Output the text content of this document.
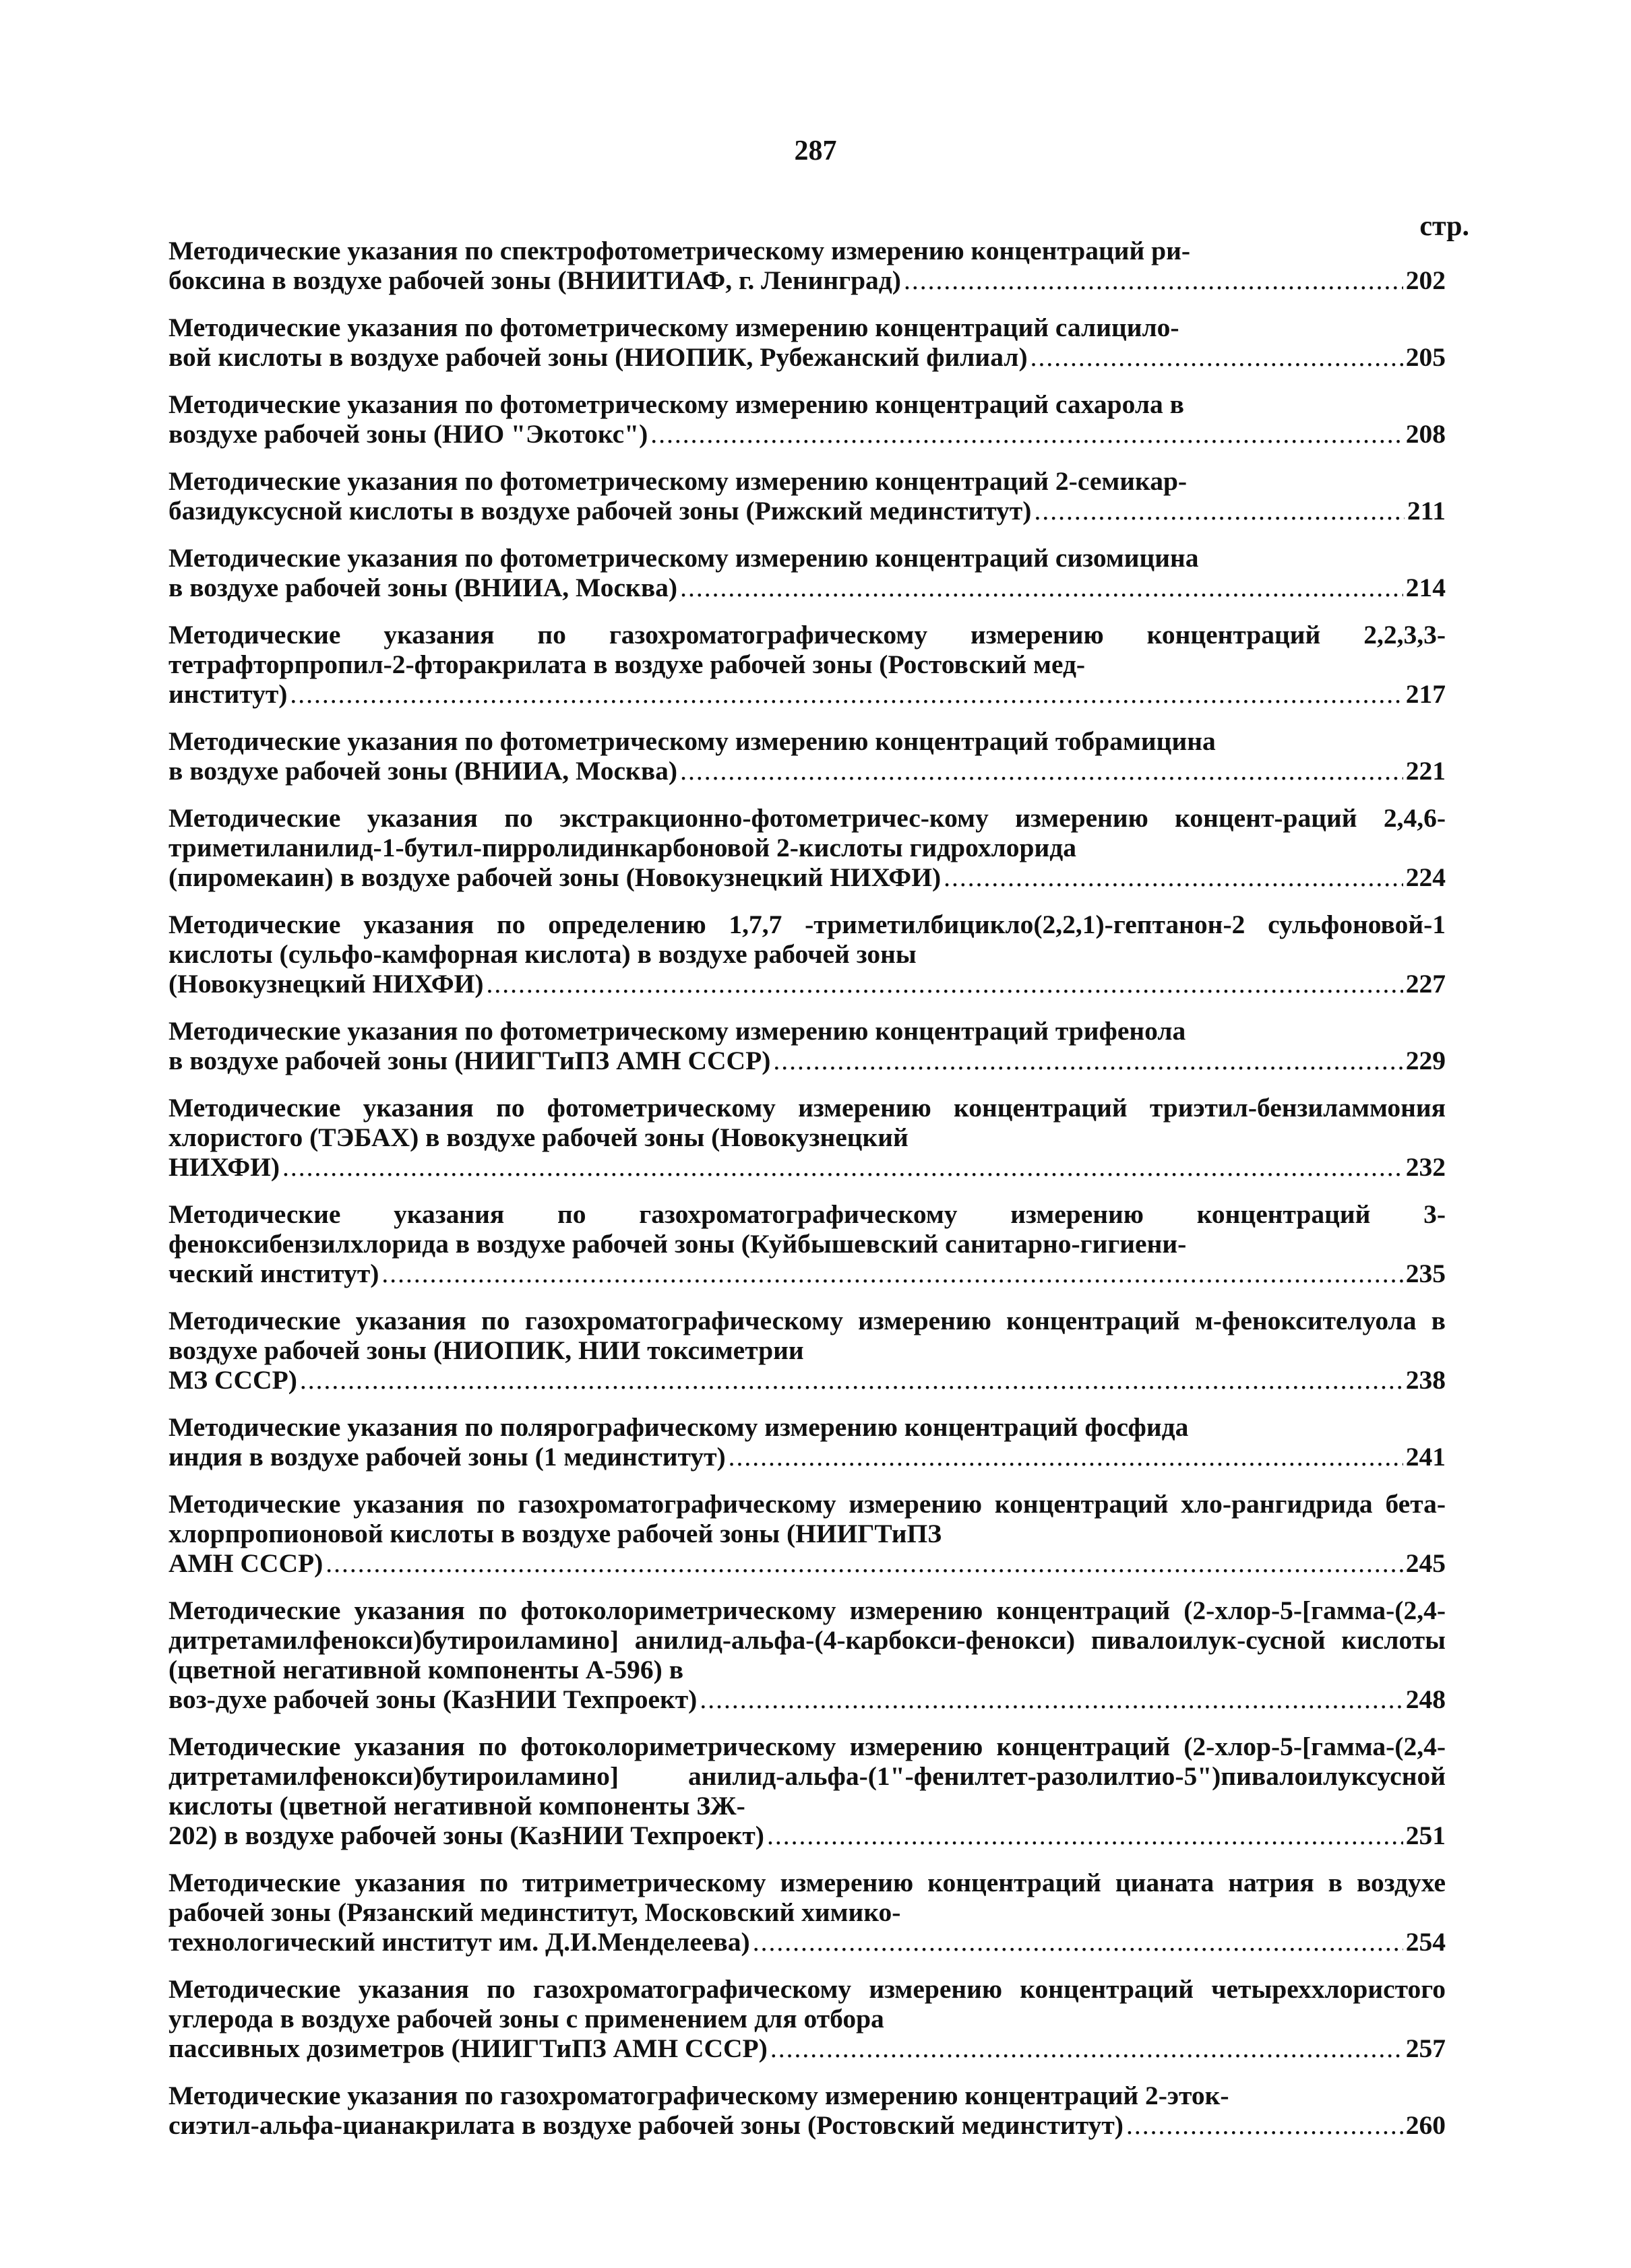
287
стр.
Методические указания по спектрофотометрическому измерению концентраций ри-
боксина в воздухе рабочей зоны (ВНИИТИАФ, г. Ленинград) .....	202
Методические указания по фотометрическому измерению концентраций салицило-
вой кислоты в воздухе рабочей зоны (НИОПИК, Рубежанский филиал) .....	205
Методические указания по фотометрическому измерению концентраций сахарола в
воздухе рабочей зоны (НИО "Экотокс") .....	208
Методические указания по фотометрическому измерению концентраций 2-семикар-
базидуксусной кислоты в воздухе рабочей зоны (Рижский мединститут) .....	211
Методические указания по фотометрическому измерению концентраций сизомицина
в воздухе рабочей зоны (ВНИИА, Москва) .....	214
Методические указания по газохроматографическому измерению концентраций 2,2,3,3-тетрафторпропил-2-фторакрилата в воздухе рабочей зоны (Ростовский мед-
институт) .....	217
Методические указания по фотометрическому измерению концентраций тобрамицина
в воздухе рабочей зоны (ВНИИА, Москва) .....	221
Методические указания по экстракционно-фотометричес-кому измерению концент-раций 2,4,6-триметиланилид-1-бутил-пирролидинкарбоновой 2-кислоты гидрохлорида
(пиромекаин) в воздухе рабочей зоны (Новокузнецкий НИХФИ) .....	224
Методические указания по определению 1,7,7 -триметилбицикло(2,2,1)-гептанон-2 сульфоновой-1 кислоты (сульфо-камфорная кислота) в воздухе рабочей зоны
(Новокузнецкий НИХФИ) .....	227
Методические указания по фотометрическому измерению концентраций трифенола
в воздухе рабочей зоны (НИИГТиПЗ АМН СССР) .....	229
Методические указания по фотометрическому измерению концентраций триэтил-бензиламмония хлористого (ТЭБАХ) в воздухе рабочей зоны (Новокузнецкий
НИХФИ) .....	232
Методические указания по газохроматографическому измерению концентраций 3-феноксибензилхлорида в воздухе рабочей зоны (Куйбышевский санитарно-гигиени-
ческий институт) .....	235
Методические указания по газохроматографическому измерению концентраций м-феноксителуола в воздухе рабочей зоны (НИОПИК, НИИ токсиметрии
МЗ СССР) .....	238
Методические указания по полярографическому измерению концентраций фосфида
индия в воздухе рабочей зоны (1 мединститут) .....	241
Методические указания по газохроматографическому измерению концентраций хло-рангидрида бета-хлорпропионовой кислоты в воздухе рабочей зоны (НИИГТиПЗ
АМН СССР) .....	245
Методические указания по фотоколориметрическому измерению концентраций (2-хлор-5-[гамма-(2,4-дитретамилфенокси)бутироиламино] анилид-альфа-(4-карбокси-фенокси) пивалоилук-сусной кислоты (цветной негативной компоненты А-596) в
воз-духе рабочей зоны (КазНИИ Техпроект) .....	248
Методические указания по фотоколориметрическому измерению концентраций (2-хлор-5-[гамма-(2,4-дитретамилфенокси)бутироиламино] анилид-альфа-(1"-фенилтет-разолилтио-5")пивалоилуксусной кислоты (цветной негативной компоненты ЗЖ-
202) в воздухе рабочей зоны (КазНИИ Техпроект) .....	251
Методические указания по титриметрическому измерению концентраций цианата натрия в воздухе рабочей зоны (Рязанский мединститут, Московский химико-
технологический институт им. Д.И.Менделеева) .....	254
Методические указания по газохроматографическому измерению концентраций четыреххлористого углерода в воздухе рабочей зоны с применением для отбора
пассивных дозиметров (НИИГТиПЗ АМН СССР) .....	257
Методические указания по газохроматографическому измерению концентраций 2-эток-
сиэтил-альфа-цианакрилата в воздухе рабочей зоны (Ростовский мединститут) .....	260
